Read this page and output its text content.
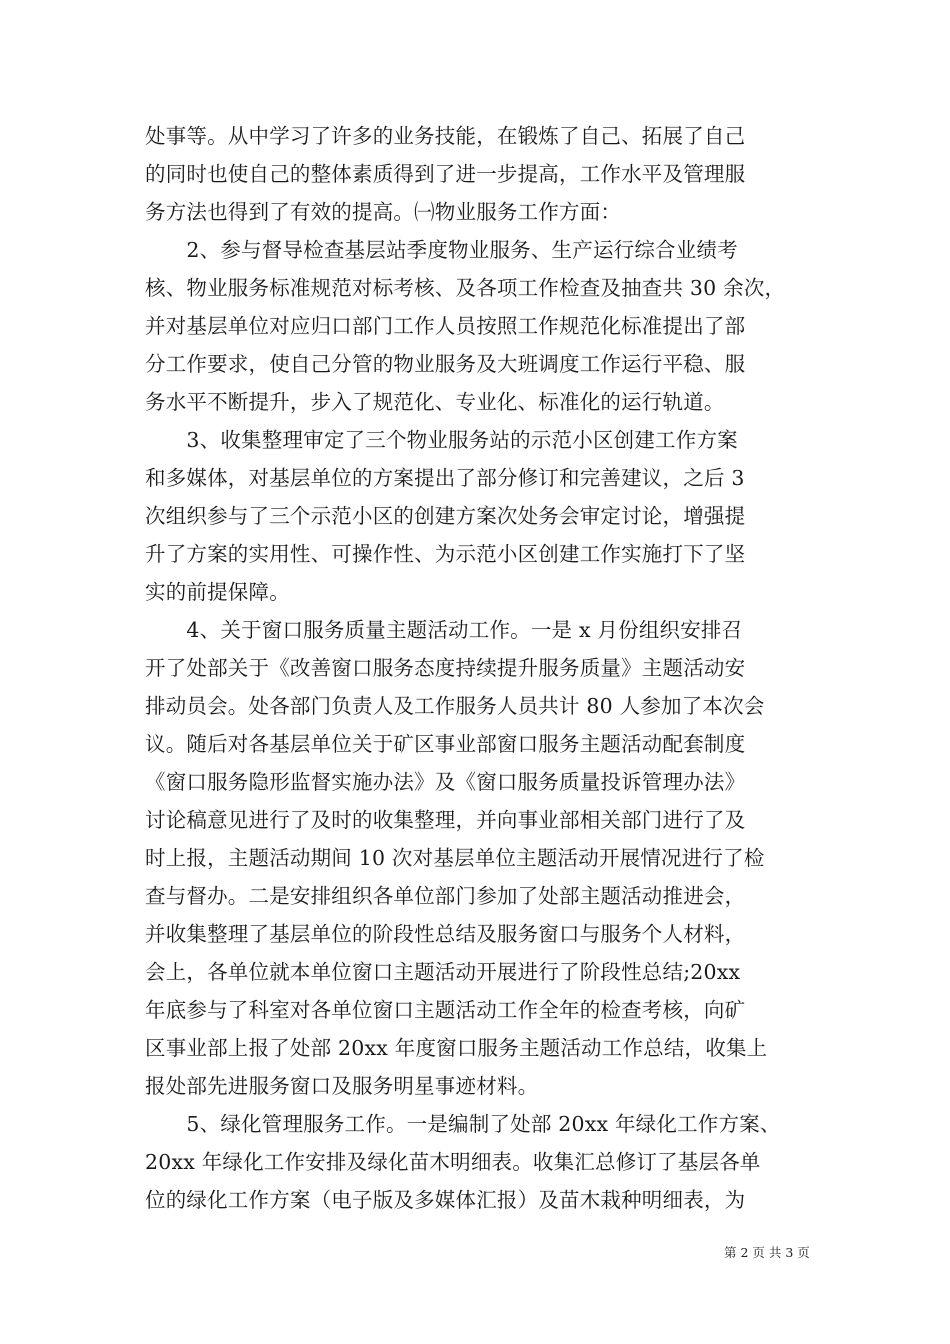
处事等。从中学习了许多的业务技能，在锻炼了自己、拓展了自己
的同时也使自己的整体素质得到了进一步提高，工作水平及管理服
务方法也得到了有效的提高。㈠物业服务工作方面：
　　2、参与督导检查基层站季度物业服务、生产运行综合业绩考
核、物业服务标准规范对标考核、及各项工作检查及抽查共 30 余次，
并对基层单位对应归口部门工作人员按照工作规范化标准提出了部
分工作要求，使自己分管的物业服务及大班调度工作运行平稳、服
务水平不断提升，步入了规范化、专业化、标准化的运行轨道。
　　3、收集整理审定了三个物业服务站的示范小区创建工作方案
和多媒体，对基层单位的方案提出了部分修订和完善建议，之后 3
次组织参与了三个示范小区的创建方案次处务会审定讨论，增强提
升了方案的实用性、可操作性、为示范小区创建工作实施打下了坚
实的前提保障。
　　4、关于窗口服务质量主题活动工作。一是 x 月份组织安排召
开了处部关于《改善窗口服务态度持续提升服务质量》主题活动安
排动员会。处各部门负责人及工作服务人员共计 80 人参加了本次会
议。随后对各基层单位关于矿区事业部窗口服务主题活动配套制度
《窗口服务隐形监督实施办法》及《窗口服务质量投诉管理办法》
讨论稿意见进行了及时的收集整理，并向事业部相关部门进行了及
时上报，主题活动期间 10 次对基层单位主题活动开展情况进行了检
查与督办。二是安排组织各单位部门参加了处部主题活动推进会，
并收集整理了基层单位的阶段性总结及服务窗口与服务个人材料，
会上，各单位就本单位窗口主题活动开展进行了阶段性总结;20xx
年底参与了科室对各单位窗口主题活动工作全年的检查考核，向矿
区事业部上报了处部 20xx 年度窗口服务主题活动工作总结，收集上
报处部先进服务窗口及服务明星事迹材料。
　　5、绿化管理服务工作。一是编制了处部 20xx 年绿化工作方案、
20xx 年绿化工作安排及绿化苗木明细表。收集汇总修订了基层各单
位的绿化工作方案（电子版及多媒体汇报）及苗木栽种明细表，为
第 2 页 共 3 页
